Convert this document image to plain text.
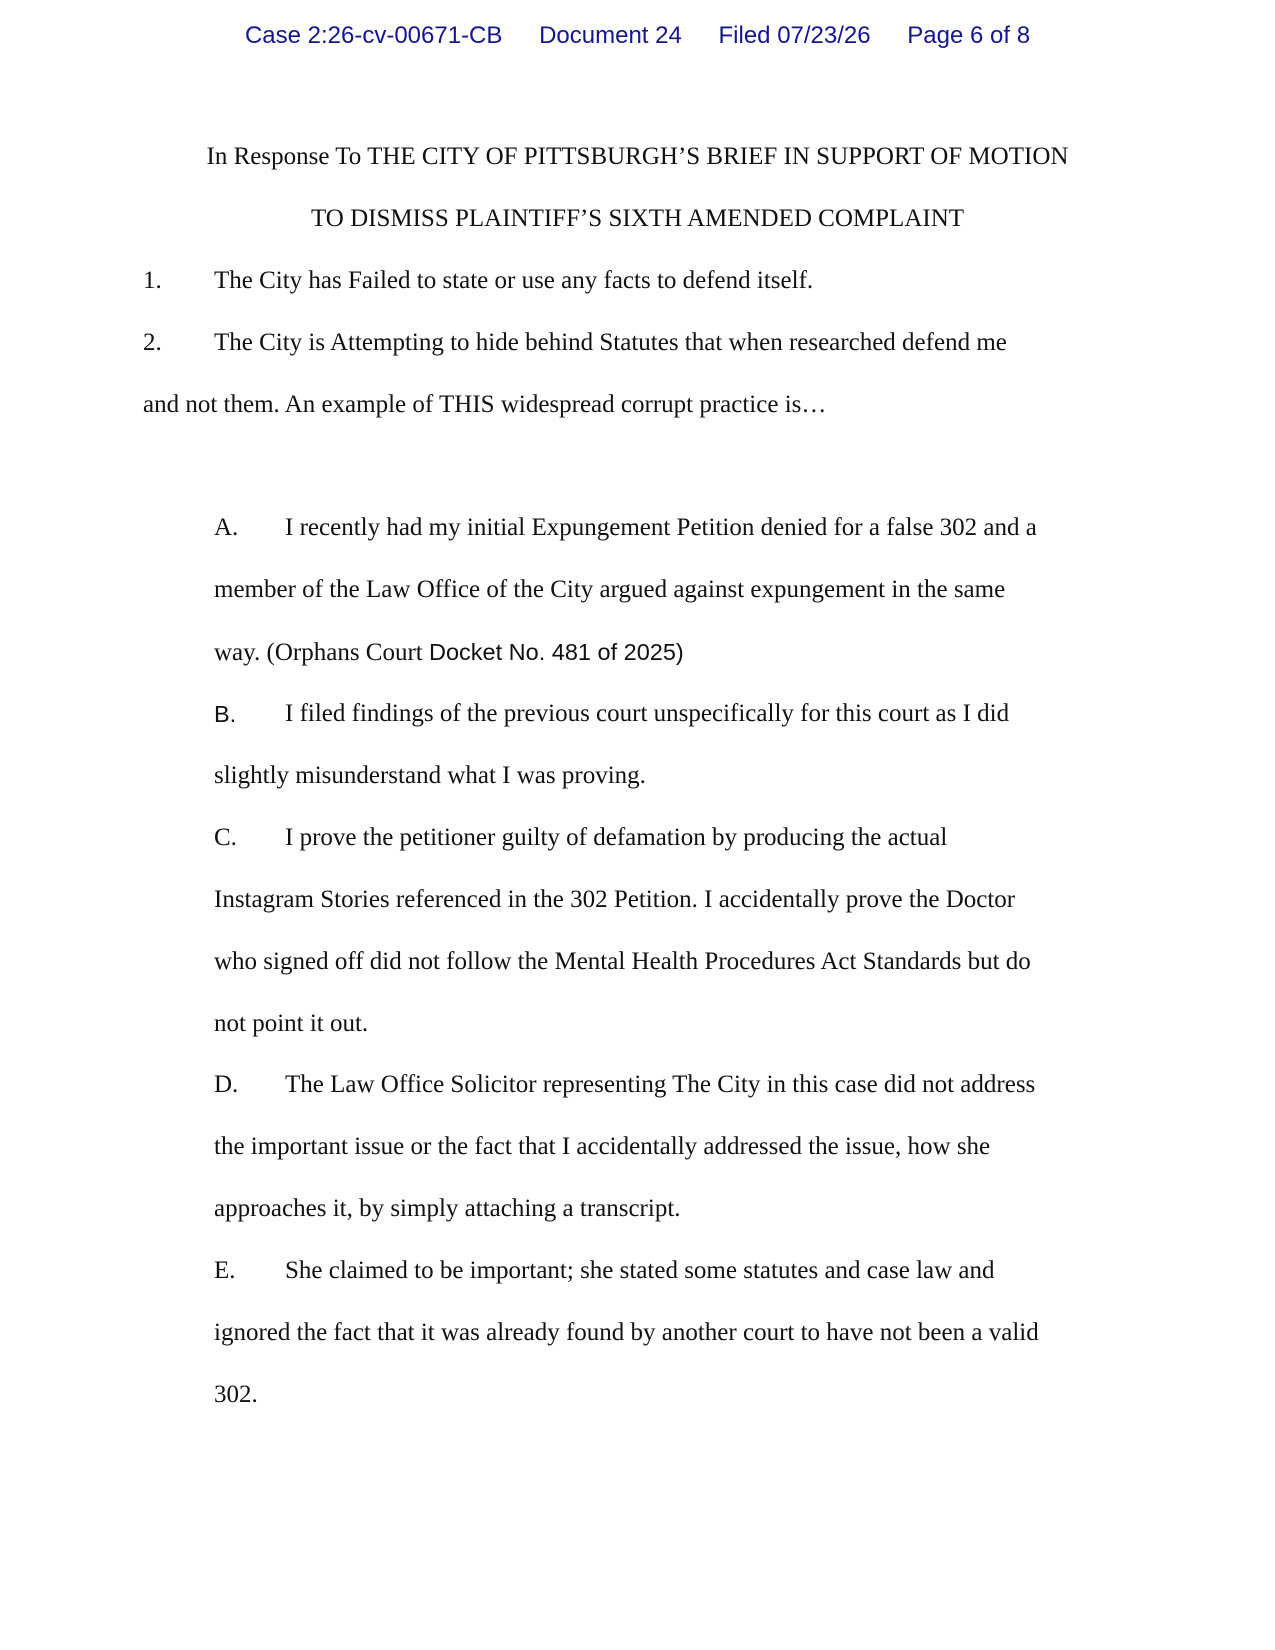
Case 2:26-cv-00671-CB Document 24 Filed 07/23/26 Page 6 of 8
In Response To THE CITY OF PITTSBURGH’S BRIEF IN SUPPORT OF MOTION
TO DISMISS PLAINTIFF’S SIXTH AMENDED COMPLAINT
1. The City has Failed to state or use any facts to defend itself.
2. The City is Attempting to hide behind Statutes that when researched defend me
and not them. An example of THIS widespread corrupt practice is…
A. I recently had my initial Expungement Petition denied for a false 302 and a
member of the Law Office of the City argued against expungement in the same
way. (Orphans Court Docket No. 481 of 2025)
B. I filed findings of the previous court unspecifically for this court as I did
slightly misunderstand what I was proving.
C. I prove the petitioner guilty of defamation by producing the actual
Instagram Stories referenced in the 302 Petition. I accidentally prove the Doctor
who signed off did not follow the Mental Health Procedures Act Standards but do
not point it out.
D. The Law Office Solicitor representing The City in this case did not address
the important issue or the fact that I accidentally addressed the issue, how she
approaches it, by simply attaching a transcript.
E. She claimed to be important; she stated some statutes and case law and
ignored the fact that it was already found by another court to have not been a valid
302.
